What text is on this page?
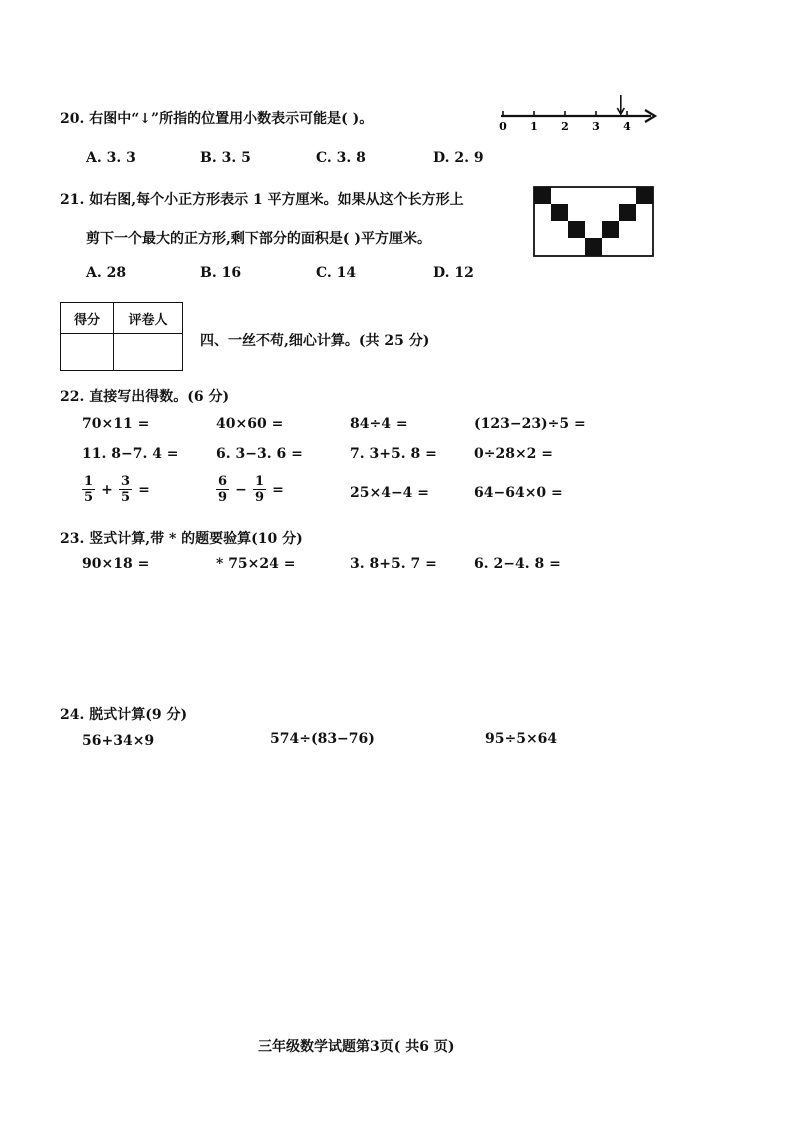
20. 右图中“↓”所指的位置用小数表示可能是( )。	0 1 2 3 4
A. 3. 3	B. 3. 5	C. 3. 8	D. 2. 9
21. 如右图,每个小正方形表示 1 平方厘米。如果从这个长方形上
剪下一个最大的正方形,剩下部分的面积是( )平方厘米。
A. 28	B. 16	C. 14	D. 12
得分	评卷人

四、一丝不苟,细心计算。(共 25 分)
22. 直接写出得数。(6 分)
70×11 =	40×60 =	84÷4 =	(123−23)÷5 =
11. 8−7. 4 =	6. 3−3. 6 =	7. 3+5. 8 =	0÷28×2 =
$\frac{1}{5} + \frac{3}{5}$ =	$\frac{6}{9} - \frac{1}{9}$ =	25×4−4 =	64−64×0 =
23. 竖式计算,带 * 的题要验算(10 分)
90×18 =	* 75×24 =	3. 8+5. 7 =	6. 2−4. 8 =
24. 脱式计算(9 分)
56+34×9	574÷(83−76)	95÷5×64
三年级数学试题第3页( 共6 页)
